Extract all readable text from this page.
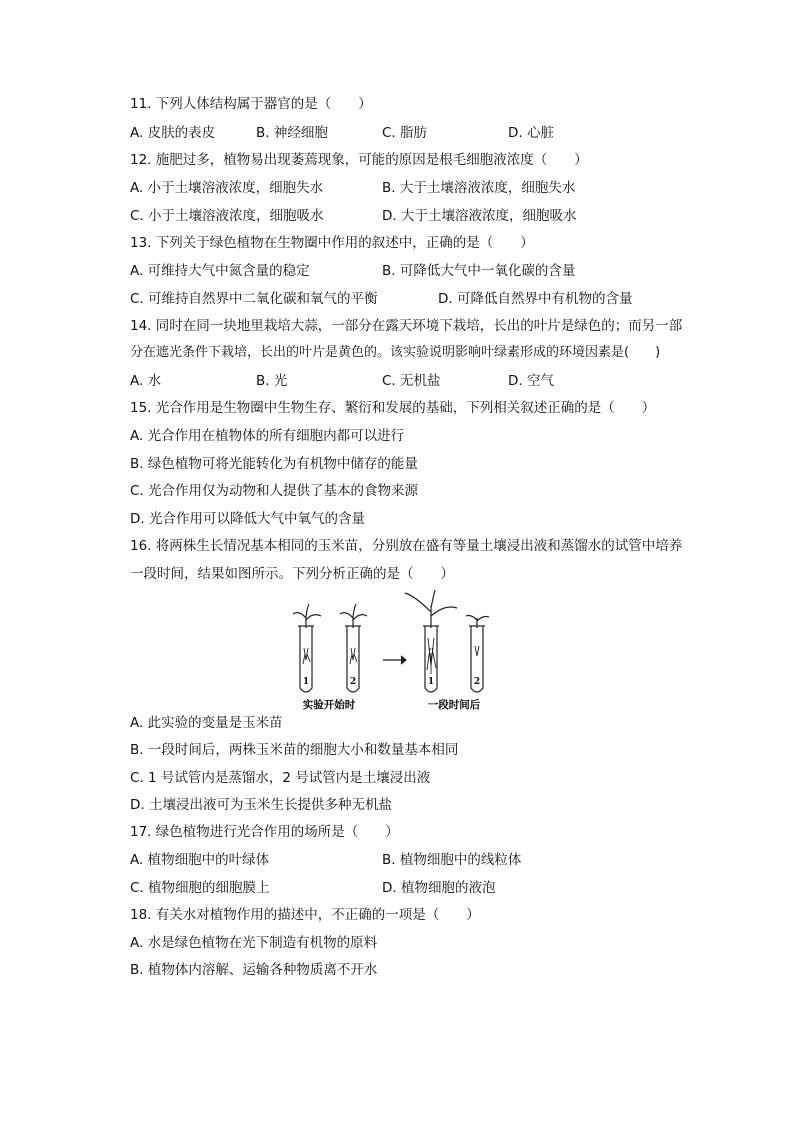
11. 下列人体结构属于器官的是（　　）
A. 皮肤的表皮	B. 神经细胞	C. 脂肪	D. 心脏
12. 施肥过多，植物易出现萎蔫现象，可能的原因是根毛细胞液浓度（　　）
A. 小于土壤溶液浓度，细胞失水	B. 大于土壤溶液浓度，细胞失水
C. 小于土壤溶液浓度，细胞吸水	D. 大于土壤溶液浓度，细胞吸水
13. 下列关于绿色植物在生物圈中作用的叙述中，正确的是（　　）
A. 可维持大气中氮含量的稳定	B. 可降低大气中一氧化碳的含量
C. 可维持自然界中二氧化碳和氧气的平衡	D. 可降低自然界中有机物的含量
14. 同时在同一块地里栽培大蒜，一部分在露天环境下栽培，长出的叶片是绿色的；而另一部
分在遮光条件下栽培，长出的叶片是黄色的。该实验说明影响叶绿素形成的环境因素是(　　)
A. 水	B. 光	C. 无机盐	D. 空气
15. 光合作用是生物圈中生物生存、繁衍和发展的基础，下列相关叙述正确的是（　　）
A. 光合作用在植物体的所有细胞内都可以进行
B. 绿色植物可将光能转化为有机物中储存的能量
C. 光合作用仅为动物和人提供了基本的食物来源
D. 光合作用可以降低大气中氧气的含量
16. 将两株生长情况基本相同的玉米苗，分别放在盛有等量土壤浸出液和蒸馏水的试管中培养
一段时间，结果如图所示。下列分析正确的是（　　）
1	2	1	2
实验开始时	一段时间后
A. 此实验的变量是玉米苗
B. 一段时间后，两株玉米苗的细胞大小和数量基本相同
C. 1 号试管内是蒸馏水，2 号试管内是土壤浸出液
D. 土壤浸出液可为玉米生长提供多种无机盐
17. 绿色植物进行光合作用的场所是（　　）
A. 植物细胞中的叶绿体	B. 植物细胞中的线粒体
C. 植物细胞的细胞膜上	D. 植物细胞的液泡
18. 有关水对植物作用的描述中，不正确的一项是（　　）
A. 水是绿色植物在光下制造有机物的原料
B. 植物体内溶解、运输各种物质离不开水
